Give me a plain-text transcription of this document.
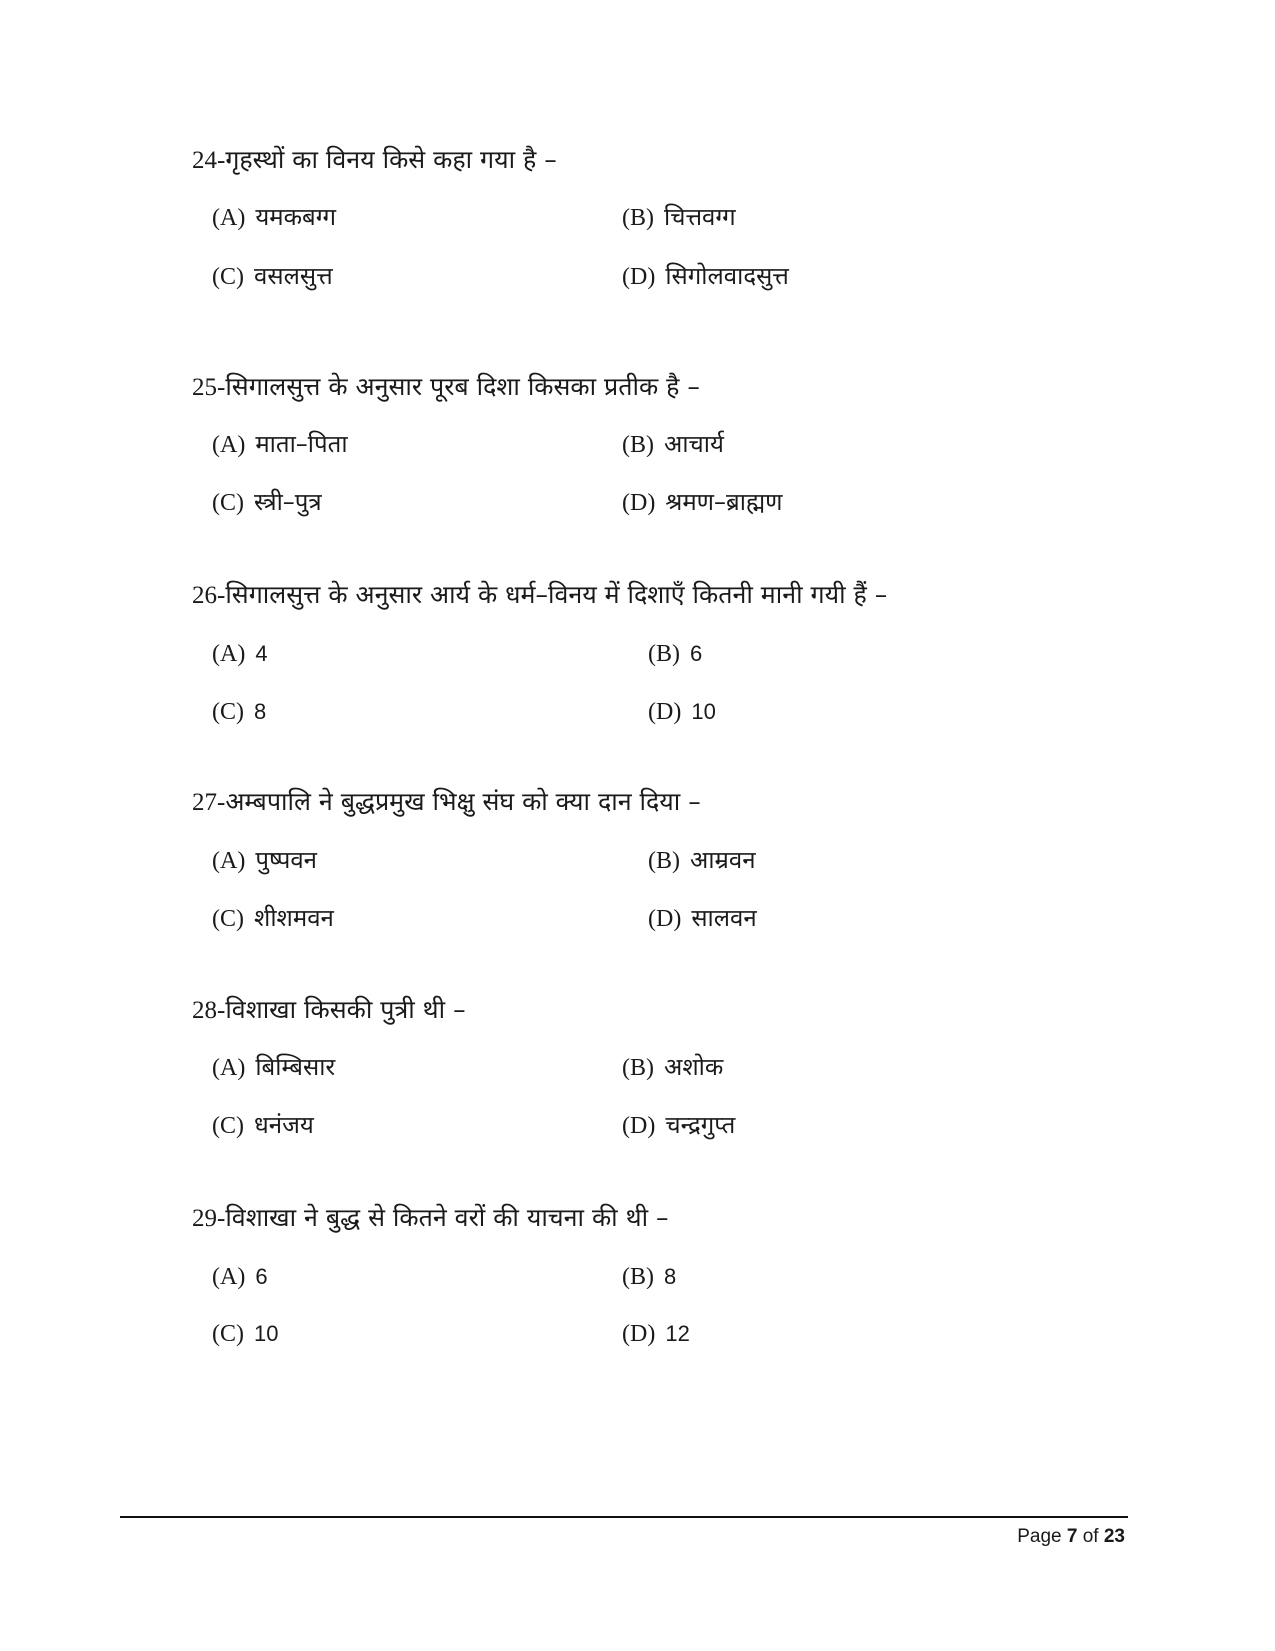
24-गृहस्थों का विनय किसे कहा गया है –
(A) यमकबग्ग	(B) चित्तवग्ग
(C) वसलसुत्त	(D) सिगोलवादसुत्त
25-सिगालसुत्त के अनुसार पूरब दिशा किसका प्रतीक है –
(A) माता–पिता	(B) आचार्य
(C) स्त्री–पुत्र	(D) श्रमण–ब्राह्मण
26-सिगालसुत्त के अनुसार आर्य के धर्म–विनय में दिशाएँ कितनी मानी गयी हैं –
(A) 4	(B) 6
(C) 8	(D) 10
27-अम्बपालि ने बुद्धप्रमुख भिक्षु संघ को क्या दान दिया –
(A) पुष्पवन	(B) आम्रवन
(C) शीशमवन	(D) सालवन
28-विशाखा किसकी पुत्री थी –
(A) बिम्बिसार	(B) अशोक
(C) धनंजय	(D) चन्द्रगुप्त
29-विशाखा ने बुद्ध से कितने वरों की याचना की थी –
(A) 6	(B) 8
(C) 10	(D) 12
Page 7 of 23
